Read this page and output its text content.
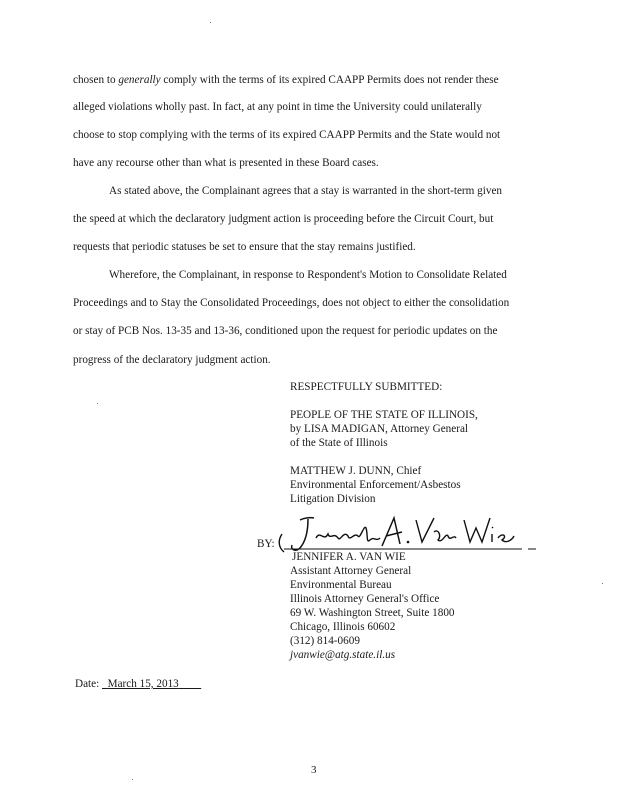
chosen to generally comply with the terms of its expired CAAPP Permits does not render these
alleged violations wholly past. In fact, at any point in time the University could unilaterally
choose to stop complying with the terms of its expired CAAPP Permits and the State would not
have any recourse other than what is presented in these Board cases.
As stated above, the Complainant agrees that a stay is warranted in the short-term given
the speed at which the declaratory judgment action is proceeding before the Circuit Court, but
requests that periodic statuses be set to ensure that the stay remains justified.
Wherefore, the Complainant, in response to Respondent's Motion to Consolidate Related
Proceedings and to Stay the Consolidated Proceedings, does not object to either the consolidation
or stay of PCB Nos. 13-35 and 13-36, conditioned upon the request for periodic updates on the
progress of the declaratory judgment action.
RESPECTFULLY SUBMITTED:
PEOPLE OF THE STATE OF ILLINOIS,
by LISA MADIGAN, Attorney General
of the State of Illinois
MATTHEW J. DUNN, Chief
Environmental Enforcement/Asbestos
Litigation Division
BY:
JENNIFER A. VAN WIE
Assistant Attorney General
Environmental Bureau
Illinois Attorney General's Office
69 W. Washington Street, Suite 1800
Chicago, Illinois 60602
(312) 814-0609
jvanwie@atg.state.il.us
Date: March 15, 2013
3
